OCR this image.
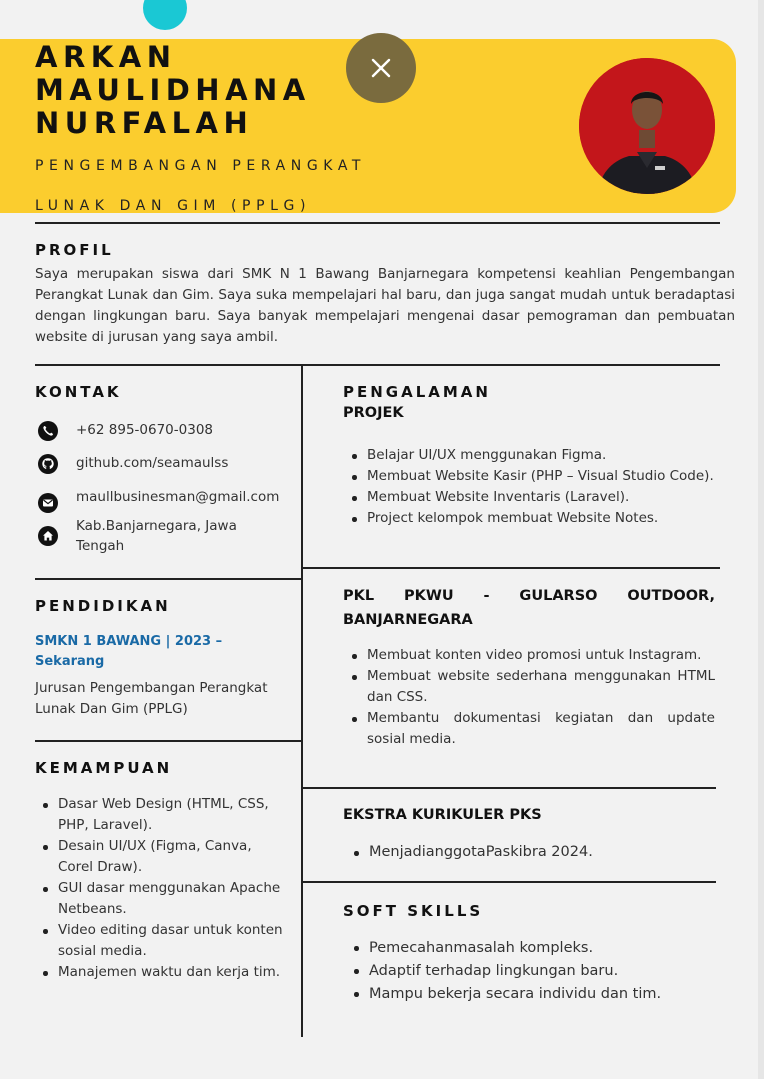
ARKAN
MAULIDHANA
NURFALAH
PENGEMBANGAN PERANGKAT
LUNAK DAN GIM (PPLG)
PROFIL
Saya merupakan siswa dari SMK N 1 Bawang Banjarnegara kompetensi keahlian Pengembangan Perangkat Lunak dan Gim. Saya suka mempelajari hal baru, dan juga sangat mudah untuk beradaptasi dengan lingkungan baru. Saya banyak mempelajari mengenai dasar pemograman dan pembuatan website di jurusan yang saya ambil.
KONTAK
+62 895-0670-0308
github.com/seamaulss
maullbusinesman@gmail.com
Kab.Banjarnegara, Jawa Tengah
PENDIDIKAN
SMKN 1 BAWANG | 2023 – Sekarang
Jurusan Pengembangan Perangkat Lunak Dan Gim (PPLG)
KEMAMPUAN
Dasar Web Design (HTML, CSS, PHP, Laravel).
Desain UI/UX (Figma, Canva, Corel Draw).
GUI dasar menggunakan Apache Netbeans.
Video editing dasar untuk konten sosial media.
Manajemen waktu dan kerja tim.
PENGALAMAN
PROJEK
Belajar UI/UX menggunakan Figma.
Membuat Website Kasir (PHP – Visual Studio Code).
Membuat Website Inventaris (Laravel).
Project kelompok membuat Website Notes.
PKL PKWU - GULARSO OUTDOOR, BANJARNEGARA
Membuat konten video promosi untuk Instagram.
Membuat website sederhana menggunakan HTML dan CSS.
Membantu dokumentasi kegiatan dan update sosial media.
EKSTRA KURIKULER PKS
MenjadianggotaPaskibra 2024.
SOFT SKILLS
Pemecahanmasalah kompleks.
Adaptif terhadap lingkungan baru.
Mampu bekerja secara individu dan tim.
